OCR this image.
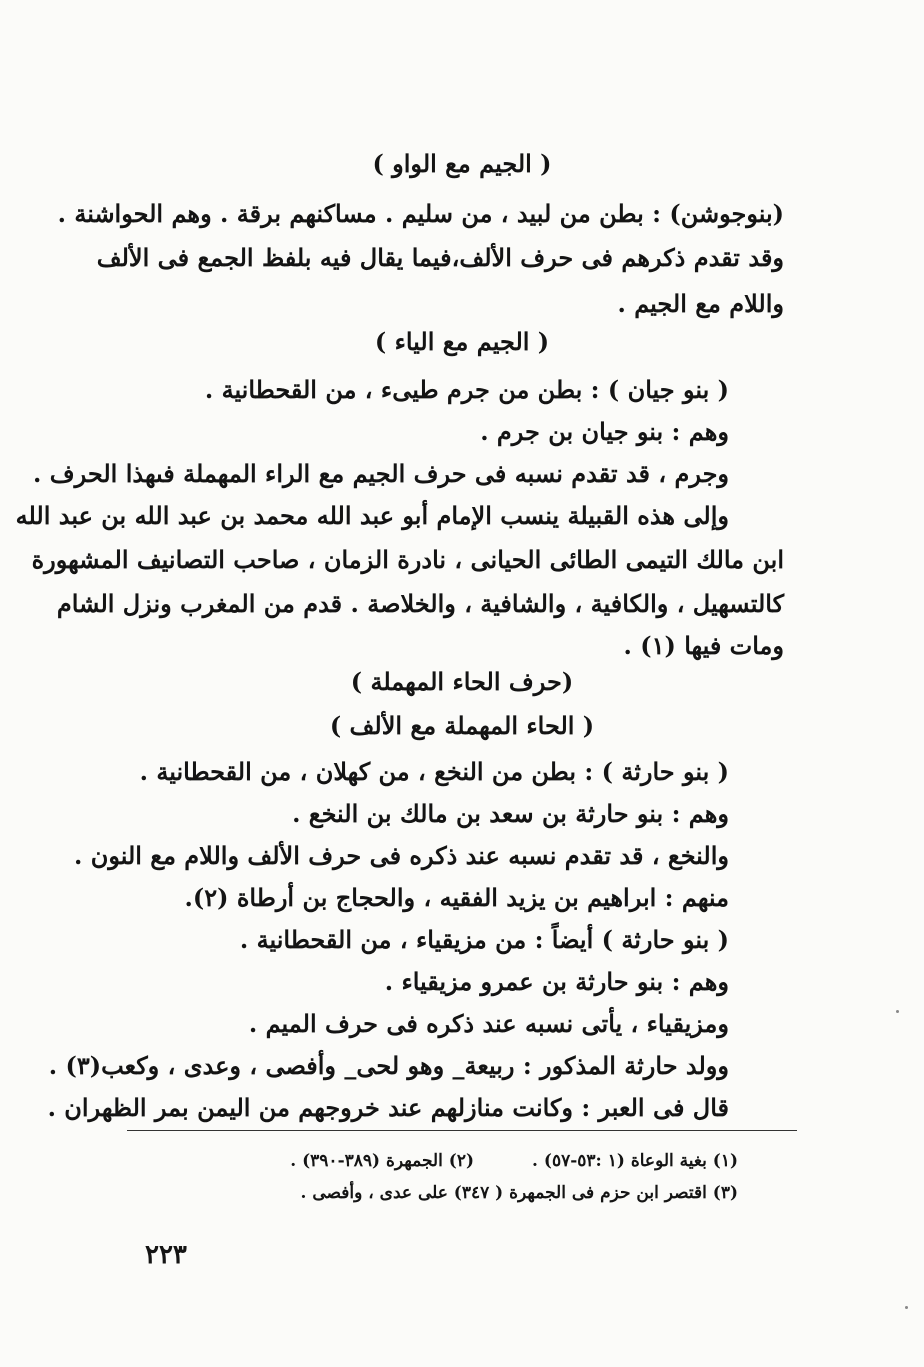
( الجيم مع الواو )
(بنوجوشن) : بطن من لبيد ، من سليم . مساكنهم برقة . وهم الحواشنة .
وقد تقدم ذكرهم فى حرف الألف،فيما يقال فيه بلفظ الجمع فى الألف
واللام مع الجيم .
( الجيم مع الياء )
( بنو جيان ) : بطن من جرم طيىء ، من القحطانية .
وهم : بنو جيان بن جرم .
وجرم ، قد تقدم نسبه فى حرف الجيم مع الراء المهملة فىهذا الحرف .
وإلى هذه القبيلة ينسب الإمام أبو عبد الله محمد بن عبد الله بن عبد الله
ابن مالك التيمى الطائى الحيانى ، نادرة الزمان ، صاحب التصانيف المشهورة
كالتسهيل ، والكافية ، والشافية ، والخلاصة . قدم من المغرب ونزل الشام
ومات فيها (١) .
(حرف الحاء المهملة )
( الحاء المهملة مع الألف )
( بنو حارثة ) : بطن من النخع ، من كهلان ، من القحطانية .
وهم : بنو حارثة بن سعد بن مالك بن النخع .
والنخع ، قد تقدم نسبه عند ذكره فى حرف الألف واللام مع النون .
منهم : ابراهيم بن يزيد الفقيه ، والحجاج بن أرطاة (٢).
( بنو حارثة ) أيضاً : من مزيقياء ، من القحطانية .
وهم : بنو حارثة بن عمرو مزيقياء .
ومزيقياء ، يأتى نسبه عند ذكره فى حرف الميم .
وولد حارثة المذكور : ربيعة_ وهو لحى_ وأفصى ، وعدى ، وكعب(٣) .
قال فى العبر : وكانت منازلهم عند خروجهم من اليمن بمر الظهران .
(١) بغية الوعاة (١ :٥٣-٥٧) .
(٢) الجمهرة (٣٨٩-٣٩٠) .
(٣) اقتصر ابن حزم فى الجمهرة ( ٣٤٧) على عدى ، وأفصى .
٢٢٣
